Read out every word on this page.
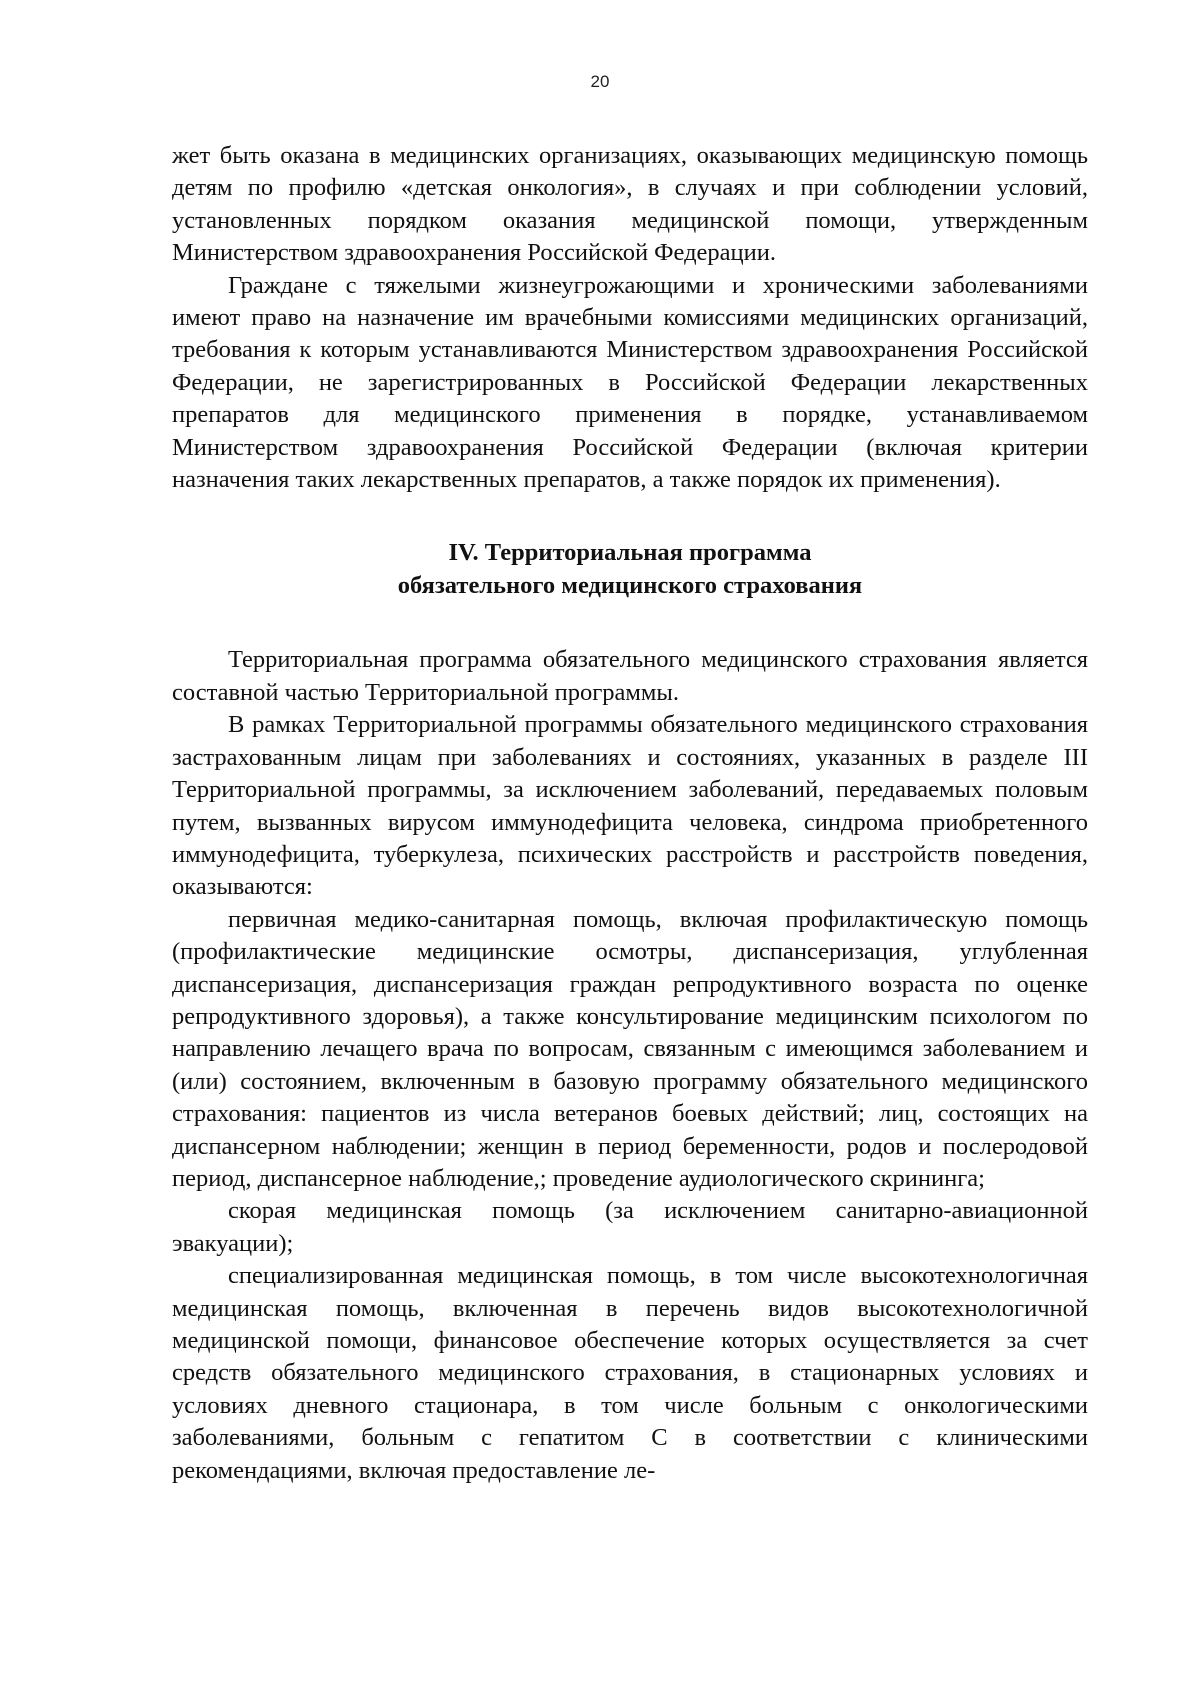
20

жет быть оказана в медицинских организациях, оказывающих медицинскую помощь детям по профилю «детская онкология», в случаях и при соблюдении условий, установленных порядком оказания медицинской помощи, утвержденным Министерством здравоохранения Российской Федерации.

Граждане с тяжелыми жизнеугрожающими и хроническими заболеваниями имеют право на назначение им врачебными комиссиями медицинских организаций, требования к которым устанавливаются Министерством здравоохранения Российской Федерации, не зарегистрированных в Российской Федерации лекарственных препаратов для медицинского применения в порядке, устанавливаемом Министерством здравоохранения Российской Федерации (включая критерии назначения таких лекарственных препаратов, а также порядок их применения).

IV. Территориальная программа
обязательного медицинского страхования

Территориальная программа обязательного медицинского страхования является составной частью Территориальной программы.

В рамках Территориальной программы обязательного медицинского страхования застрахованным лицам при заболеваниях и состояниях, указанных в разделе III Территориальной программы, за исключением заболеваний, передаваемых половым путем, вызванных вирусом иммунодефицита человека, синдрома приобретенного иммунодефицита, туберкулеза, психических расстройств и расстройств поведения, оказываются:

первичная медико-санитарная помощь, включая профилактическую помощь (профилактические медицинские осмотры, диспансеризация, углубленная диспансеризация, диспансеризация граждан репродуктивного возраста по оценке репродуктивного здоровья), а также консультирование медицинским психологом по направлению лечащего врача по вопросам, связанным с имеющимся заболеванием и (или) состоянием, включенным в базовую программу обязательного медицинского страхования: пациентов из числа ветеранов боевых действий; лиц, состоящих на диспансерном наблюдении; женщин в период беременности, родов и послеродовой период, диспансерное наблюдение,; проведение аудиологического скрининга;

скорая медицинская помощь (за исключением санитарно-авиационной эвакуации);

специализированная медицинская помощь, в том числе высокотехнологичная медицинская помощь, включенная в перечень видов высокотехнологичной медицинской помощи, финансовое обеспечение которых осуществляется за счет средств обязательного медицинского страхования, в стационарных условиях и условиях дневного стационара, в том числе больным с онкологическими заболеваниями, больным с гепатитом С в соответствии с клиническими рекомендациями, включая предоставление ле-
